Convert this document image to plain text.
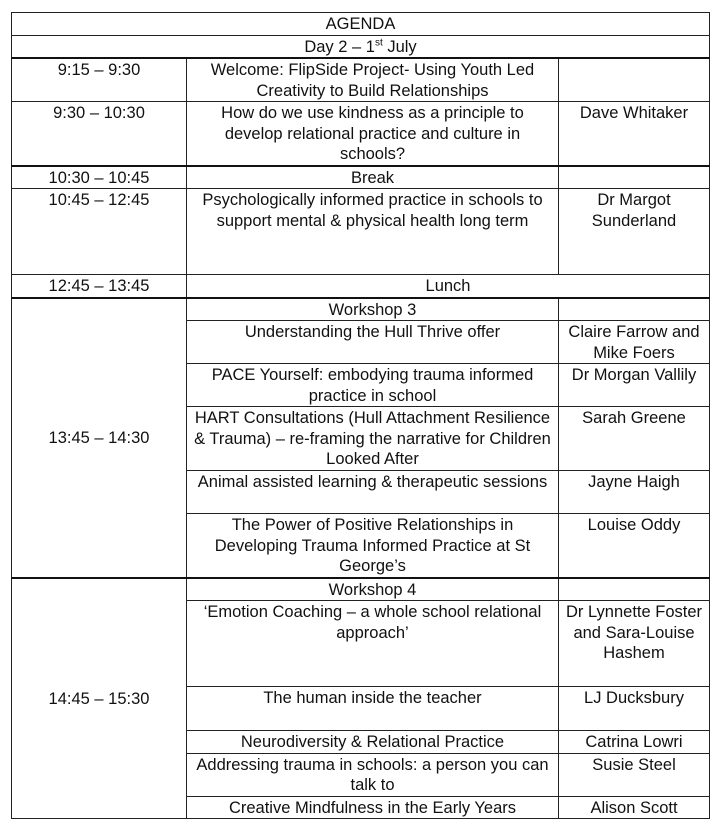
AGENDA		
Day 2 – 1st July		
9:15 – 9:30	Welcome: FlipSide Project- Using Youth Led Creativity to Build Relationships	
9:30 – 10:30	How do we use kindness as a principle to develop relational practice and culture in schools?	Dave Whitaker
10:30 – 10:45	Break	
10:45 – 12:45	Psychologically informed practice in schools to support mental & physical health long term	Dr Margot Sunderland
12:45 – 13:45	Lunch	
13:45 – 14:30	Workshop 3	
	Understanding the Hull Thrive offer	Claire Farrow and Mike Foers
	PACE Yourself: embodying trauma informed practice in school	Dr Morgan Vallily
	HART Consultations (Hull Attachment Resilience & Trauma) – re-framing the narrative for Children Looked After	Sarah Greene
	Animal assisted learning & therapeutic sessions	Jayne Haigh
	The Power of Positive Relationships in Developing Trauma Informed Practice at St George’s	Louise Oddy
14:45 – 15:30	Workshop 4	
	‘Emotion Coaching – a whole school relational approach’	Dr Lynnette Foster and Sara-Louise Hashem
	The human inside the teacher	LJ Ducksbury
	Neurodiversity & Relational Practice	Catrina Lowri
	Addressing trauma in schools: a person you can talk to	Susie Steel
	Creative Mindfulness in the Early Years	Alison Scott
